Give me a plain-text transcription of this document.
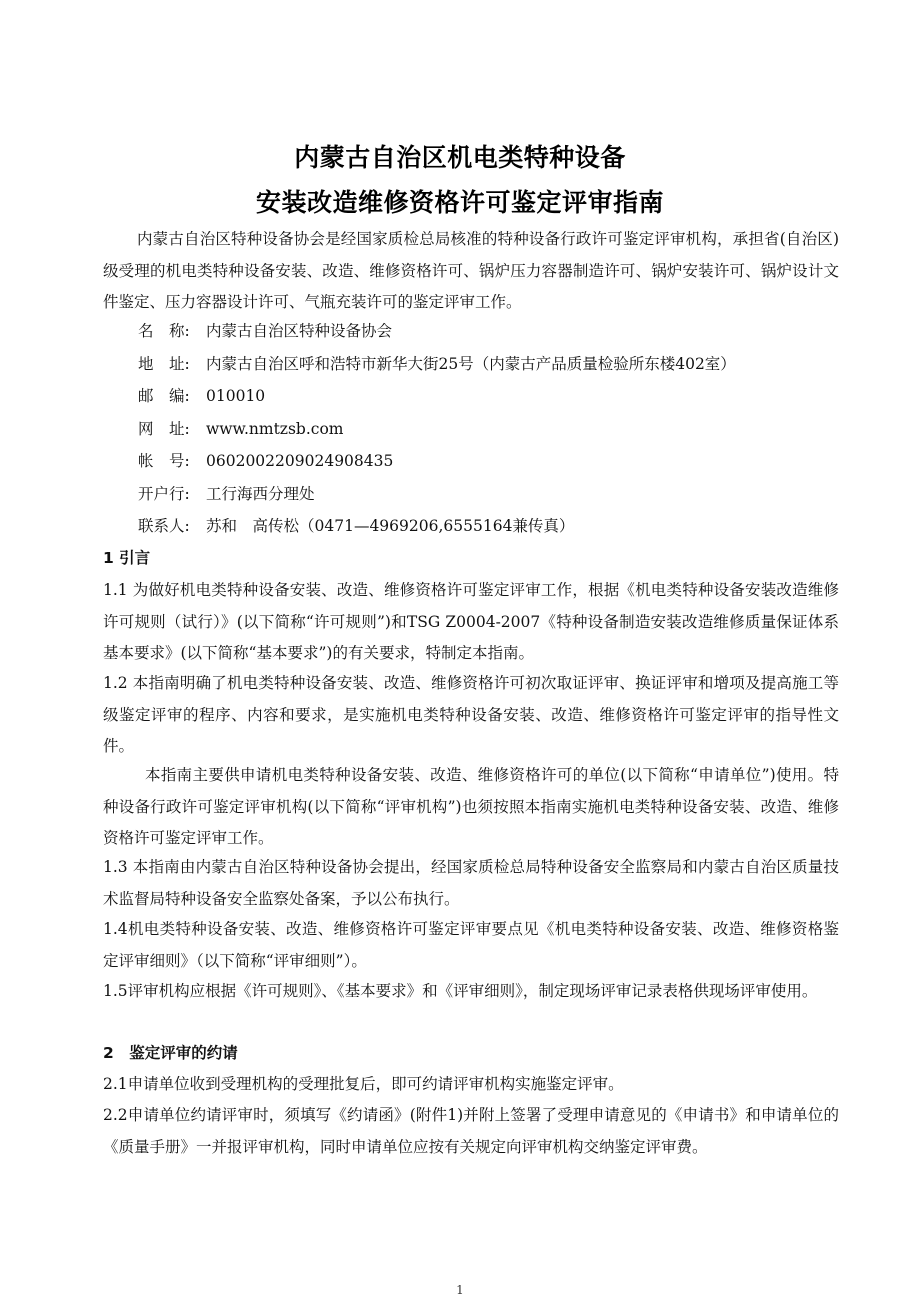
内蒙古自治区机电类特种设备
安装改造维修资格许可鉴定评审指南

内蒙古自治区特种设备协会是经国家质检总局核准的特种设备行政许可鉴定评审机构，承担省(自治区)级受理的机电类特种设备安装、改造、维修资格许可、锅炉压力容器制造许可、锅炉安装许可、锅炉设计文件鉴定、压力容器设计许可、气瓶充装许可的鉴定评审工作。

名　称: 内蒙古自治区特种设备协会
地　址: 内蒙古自治区呼和浩特市新华大街25号（内蒙古产品质量检验所东楼402室）
邮　编: 010010
网　址: www.nmtzsb.com
帐　号: 0602002209024908435
开户行: 工行海西分理处
联系人: 苏和　高传松（0471—4969206,6555164兼传真）
1 引言

1.1 为做好机电类特种设备安装、改造、维修资格许可鉴定评审工作，根据《机电类特种设备安装改造维修许可规则（试行）》(以下简称“许可规则”)和TSG Z0004-2007《特种设备制造安装改造维修质量保证体系基本要求》(以下简称“基本要求”)的有关要求，特制定本指南。

1.2 本指南明确了机电类特种设备安装、改造、维修资格许可初次取证评审、换证评审和增项及提高施工等级鉴定评审的程序、内容和要求，是实施机电类特种设备安装、改造、维修资格许可鉴定评审的指导性文件。

本指南主要供申请机电类特种设备安装、改造、维修资格许可的单位(以下简称“申请单位”)使用。特种设备行政许可鉴定评审机构(以下简称“评审机构”)也须按照本指南实施机电类特种设备安装、改造、维修资格许可鉴定评审工作。

1.3 本指南由内蒙古自治区特种设备协会提出，经国家质检总局特种设备安全监察局和内蒙古自治区质量技术监督局特种设备安全监察处备案，予以公布执行。

1.4机电类特种设备安装、改造、维修资格许可鉴定评审要点见《机电类特种设备安装、改造、维修资格鉴定评审细则》（以下简称“评审细则”）。

1.5评审机构应根据《许可规则》、《基本要求》和《评审细则》，制定现场评审记录表格供现场评审使用。

2　鉴定评审的约请

2.1申请单位收到受理机构的受理批复后，即可约请评审机构实施鉴定评审。

2.2申请单位约请评审时，须填写《约请函》(附件1)并附上签署了受理申请意见的《申请书》和申请单位的《质量手册》一并报评审机构，同时申请单位应按有关规定向评审机构交纳鉴定评审费。

1
